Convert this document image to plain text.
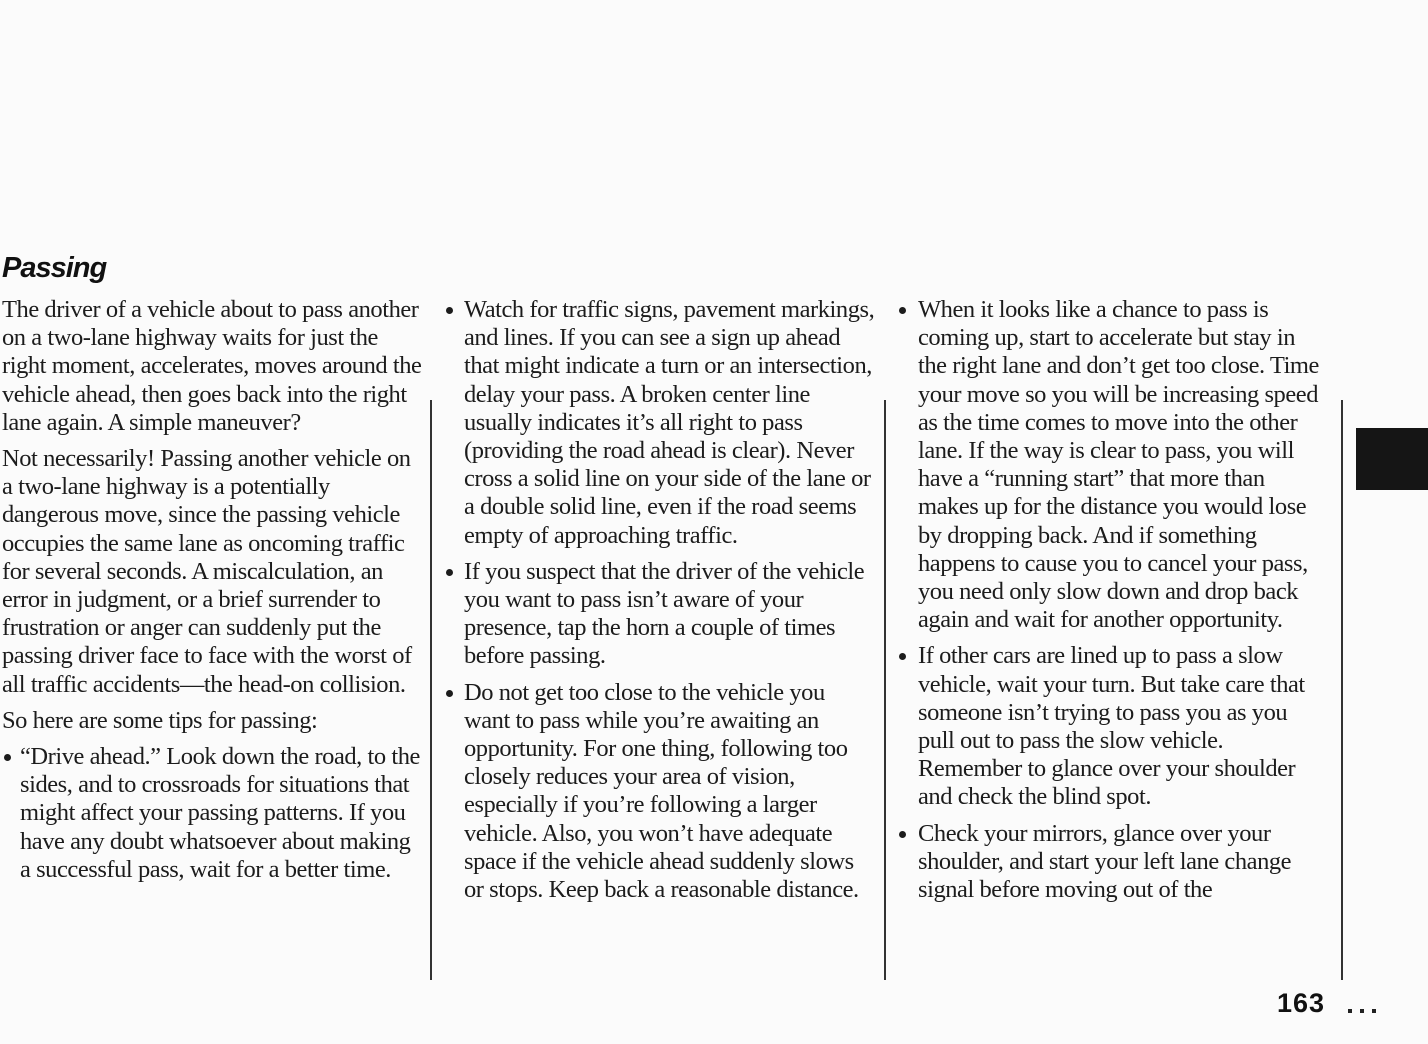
Passing

The driver of a vehicle about to pass another on a two-lane highway waits for just the right moment, accelerates, moves around the vehicle ahead, then goes back into the right lane again. A simple maneuver?

Not necessarily! Passing another vehicle on a two-lane highway is a potentially dangerous move, since the passing vehicle occupies the same lane as oncoming traffic for several seconds. A miscalculation, an error in judgment, or a brief surrender to frustration or anger can suddenly put the passing driver face to face with the worst of all traffic accidents—the head-on collision.

So here are some tips for passing:

“Drive ahead.” Look down the road, to the sides, and to crossroads for situations that might affect your passing patterns. If you have any doubt whatsoever about making a successful pass, wait for a better time.
Watch for traffic signs, pavement markings, and lines. If you can see a sign up ahead that might indicate a turn or an intersection, delay your pass. A broken center line usually indicates it’s all right to pass (providing the road ahead is clear). Never cross a solid line on your side of the lane or a double solid line, even if the road seems empty of approaching traffic.
If you suspect that the driver of the vehicle you want to pass isn’t aware of your presence, tap the horn a couple of times before passing.
Do not get too close to the vehicle you want to pass while you’re awaiting an opportunity. For one thing, following too closely reduces your area of vision, especially if you’re following a larger vehicle. Also, you won’t have adequate space if the vehicle ahead suddenly slows or stops. Keep back a reasonable distance.
When it looks like a chance to pass is coming up, start to accelerate but stay in the right lane and don’t get too close. Time your move so you will be increasing speed as the time comes to move into the other lane. If the way is clear to pass, you will have a “running start” that more than makes up for the distance you would lose by dropping back. And if something happens to cause you to cancel your pass, you need only slow down and drop back again and wait for another opportunity.
If other cars are lined up to pass a slow vehicle, wait your turn. But take care that someone isn’t trying to pass you as you pull out to pass the slow vehicle. Remember to glance over your shoulder and check the blind spot.
Check your mirrors, glance over your shoulder, and start your left lane change signal before moving out of the
163
